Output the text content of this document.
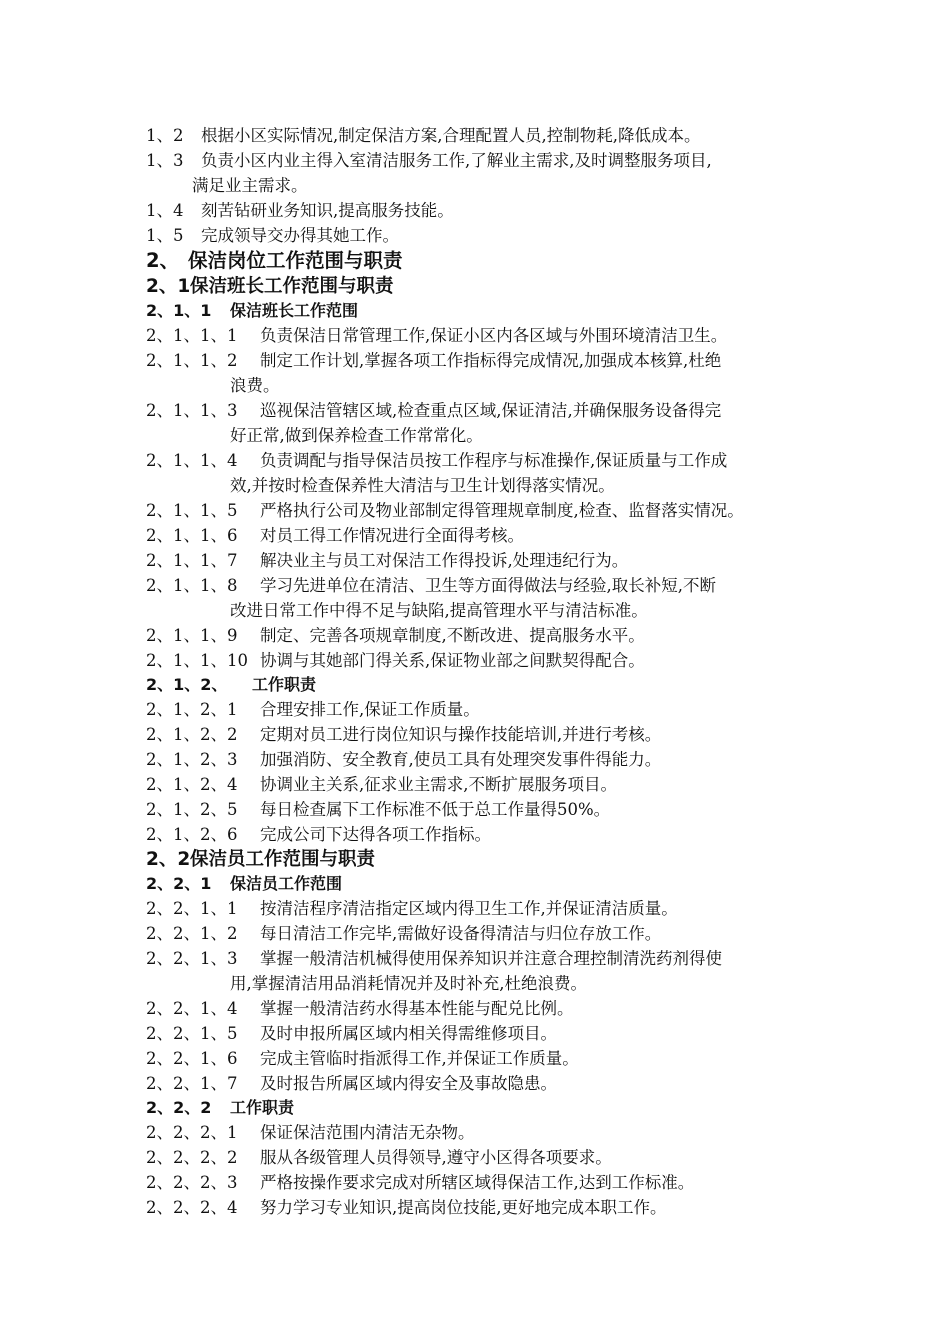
1、2	根据小区实际情况,制定保洁方案,合理配置人员,控制物耗,降低成本。
1、3	负责小区内业主得入室清洁服务工作,了解业主需求,及时调整服务项目,
满足业主需求。
1、4	刻苦钻研业务知识,提高服务技能。
1、5	完成领导交办得其她工作。
2、 保洁岗位工作范围与职责
2、1 保洁班长工作范围与职责
2、1、1 保洁班长工作范围
2、1、1、1	负责保洁日常管理工作,保证小区内各区域与外围环境清洁卫生。
2、1、1、2	制定工作计划,掌握各项工作指标得完成情况,加强成本核算,杜绝
浪费。
2、1、1、3	巡视保洁管辖区域,检查重点区域,保证清洁,并确保服务设备得完
好正常,做到保养检查工作常常化。
2、1、1、4	负责调配与指导保洁员按工作程序与标准操作,保证质量与工作成
效,并按时检查保养性大清洁与卫生计划得落实情况。
2、1、1、5	严格执行公司及物业部制定得管理规章制度,检查、监督落实情况。
2、1、1、6	对员工得工作情况进行全面得考核。
2、1、1、7	解决业主与员工对保洁工作得投诉,处理违纪行为。
2、1、1、8	学习先进单位在清洁、卫生等方面得做法与经验,取长补短,不断
改进日常工作中得不足与缺陷,提高管理水平与清洁标准。
2、1、1、9	制定、完善各项规章制度,不断改进、提高服务水平。
2、1、1、10 协调与其她部门得关系,保证物业部之间默契得配合。
2、1、2、 工作职责
2、1、2、1	合理安排工作,保证工作质量。
2、1、2、2	定期对员工进行岗位知识与操作技能培训,并进行考核。
2、1、2、3	加强消防、安全教育,使员工具有处理突发事件得能力。
2、1、2、4	协调业主关系,征求业主需求,不断扩展服务项目。
2、1、2、5	每日检查属下工作标准不低于总工作量得50%。
2、1、2、6	完成公司下达得各项工作指标。
2、2 保洁员工作范围与职责
2、2、1 保洁员工作范围
2、2、1、1	按清洁程序清洁指定区域内得卫生工作,并保证清洁质量。
2、2、1、2	每日清洁工作完毕,需做好设备得清洁与归位存放工作。
2、2、1、3	掌握一般清洁机械得使用保养知识并注意合理控制清洗药剂得使
用,掌握清洁用品消耗情况并及时补充,杜绝浪费。
2、2、1、4	掌握一般清洁药水得基本性能与配兑比例。
2、2、1、5	及时申报所属区域内相关得需维修项目。
2、2、1、6	完成主管临时指派得工作,并保证工作质量。
2、2、1、7	及时报告所属区域内得安全及事故隐患。
2、2、2 工作职责
2、2、2、1	保证保洁范围内清洁无杂物。
2、2、2、2	服从各级管理人员得领导,遵守小区得各项要求。
2、2、2、3	严格按操作要求完成对所辖区域得保洁工作,达到工作标准。
2、2、2、4	努力学习专业知识,提高岗位技能,更好地完成本职工作。
